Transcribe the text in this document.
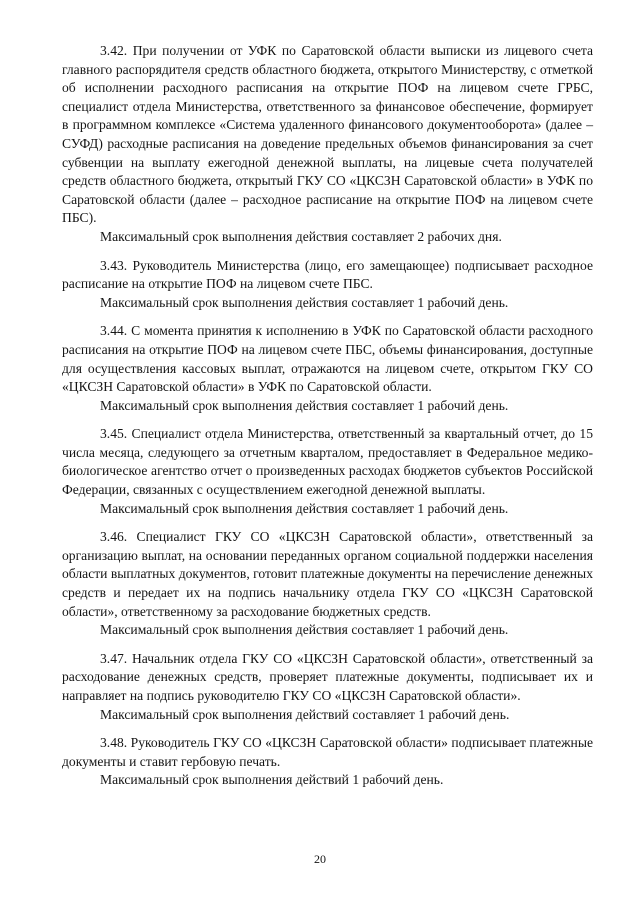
3.42. При получении от УФК по Саратовской области выписки из лицевого счета главного распорядителя средств областного бюджета, открытого Министерству, с отметкой об исполнении расходного расписания на открытие ПОФ на лицевом счете ГРБС, специалист отдела Министерства, ответственного за финансовое обеспечение, формирует в программном комплексе «Система удаленного финансового документооборота» (далее – СУФД) расходные расписания на доведение предельных объемов финансирования за счет субвенции на выплату ежегодной денежной выплаты, на лицевые счета получателей средств областного бюджета, открытый ГКУ СО «ЦКСЗН Саратовской области» в УФК по Саратовской области (далее – расходное расписание на открытие ПОФ на лицевом счете ПБС).

Максимальный срок выполнения действия составляет 2 рабочих дня.

3.43. Руководитель Министерства (лицо, его замещающее) подписывает расходное расписание на открытие ПОФ на лицевом счете ПБС.

Максимальный срок выполнения действия составляет 1 рабочий день.

3.44. С момента принятия к исполнению в УФК по Саратовской области расходного расписания на открытие ПОФ на лицевом счете ПБС, объемы финансирования, доступные для осуществления кассовых выплат, отражаются на лицевом счете, открытом ГКУ СО «ЦКСЗН Саратовской области» в УФК по Саратовской области.

Максимальный срок выполнения действия составляет 1 рабочий день.

3.45. Специалист отдела Министерства, ответственный за квартальный отчет, до 15 числа месяца, следующего за отчетным кварталом, предоставляет в Федеральное медико-биологическое агентство отчет о произведенных расходах бюджетов субъектов Российской Федерации, связанных с осуществлением ежегодной денежной выплаты.

Максимальный срок выполнения действия составляет 1 рабочий день.

3.46. Специалист ГКУ СО «ЦКСЗН Саратовской области», ответственный за организацию выплат, на основании переданных органом социальной поддержки населения области выплатных документов, готовит платежные документы на перечисление денежных средств и передает их на подпись начальнику отдела ГКУ СО «ЦКСЗН Саратовской области», ответственному за расходование бюджетных средств.

Максимальный срок выполнения действия составляет 1 рабочий день.

3.47. Начальник отдела ГКУ СО «ЦКСЗН Саратовской области», ответственный за расходование денежных средств, проверяет платежные документы, подписывает их и направляет на подпись руководителю ГКУ СО «ЦКСЗН Саратовской области».

Максимальный срок выполнения действий составляет 1 рабочий день.

3.48. Руководитель ГКУ СО «ЦКСЗН Саратовской области» подписывает платежные документы и ставит гербовую печать.

Максимальный срок выполнения действий 1 рабочий день.

20
